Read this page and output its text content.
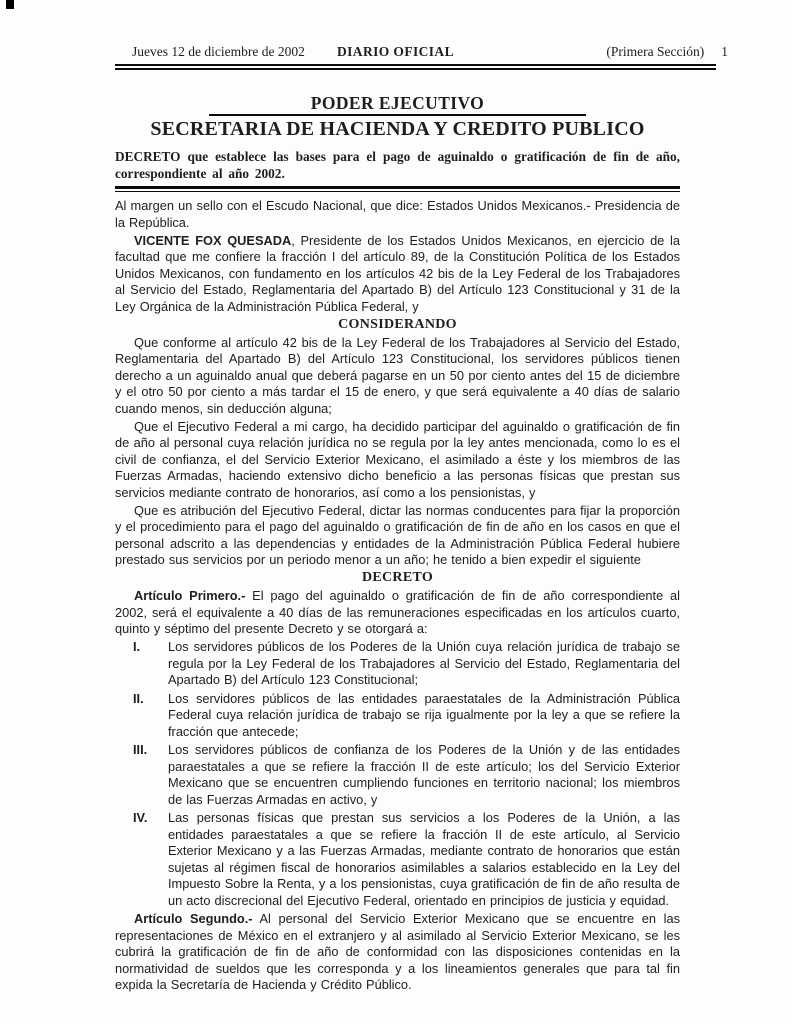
Jueves 12 de diciembre de 2002	DIARIO OFICIAL	(Primera Sección) 1
PODER EJECUTIVO
SECRETARIA DE HACIENDA Y CREDITO PUBLICO

DECRETO que establece las bases para el pago de aguinaldo o gratificación de fin de año, correspondiente al año 2002.

Al margen un sello con el Escudo Nacional, que dice: Estados Unidos Mexicanos.- Presidencia de la República.

VICENTE FOX QUESADA, Presidente de los Estados Unidos Mexicanos, en ejercicio de la facultad que me confiere la fracción I del artículo 89, de la Constitución Política de los Estados Unidos Mexicanos, con fundamento en los artículos 42 bis de la Ley Federal de los Trabajadores al Servicio del Estado, Reglamentaria del Apartado B) del Artículo 123 Constitucional y 31 de la Ley Orgánica de la Administración Pública Federal, y

CONSIDERANDO

Que conforme al artículo 42 bis de la Ley Federal de los Trabajadores al Servicio del Estado, Reglamentaria del Apartado B) del Artículo 123 Constitucional, los servidores públicos tienen derecho a un aguinaldo anual que deberá pagarse en un 50 por ciento antes del 15 de diciembre y el otro 50 por ciento a más tardar el 15 de enero, y que será equivalente a 40 días de salario cuando menos, sin deducción alguna;

Que el Ejecutivo Federal a mi cargo, ha decidido participar del aguinaldo o gratificación de fin de año al personal cuya relación jurídica no se regula por la ley antes mencionada, como lo es el civil de confianza, el del Servicio Exterior Mexicano, el asimilado a éste y los miembros de las Fuerzas Armadas, haciendo extensivo dicho beneficio a las personas físicas que prestan sus servicios mediante contrato de honorarios, así como a los pensionistas, y

Que es atribución del Ejecutivo Federal, dictar las normas conducentes para fijar la proporción y el procedimiento para el pago del aguinaldo o gratificación de fin de año en los casos en que el personal adscrito a las dependencias y entidades de la Administración Pública Federal hubiere prestado sus servicios por un periodo menor a un año; he tenido a bien expedir el siguiente

DECRETO

Artículo Primero.- El pago del aguinaldo o gratificación de fin de año correspondiente al 2002, será el equivalente a 40 días de las remuneraciones especificadas en los artículos cuarto, quinto y séptimo del presente Decreto y se otorgará a:

I. Los servidores públicos de los Poderes de la Unión cuya relación jurídica de trabajo se regula por la Ley Federal de los Trabajadores al Servicio del Estado, Reglamentaria del Apartado B) del Artículo 123 Constitucional;
II. Los servidores públicos de las entidades paraestatales de la Administración Pública Federal cuya relación jurídica de trabajo se rija igualmente por la ley a que se refiere la fracción que antecede;
III. Los servidores públicos de confianza de los Poderes de la Unión y de las entidades paraestatales a que se refiere la fracción II de este artículo; los del Servicio Exterior Mexicano que se encuentren cumpliendo funciones en territorio nacional; los miembros de las Fuerzas Armadas en activo, y
IV. Las personas físicas que prestan sus servicios a los Poderes de la Unión, a las entidades paraestatales a que se refiere la fracción II de este artículo, al Servicio Exterior Mexicano y a las Fuerzas Armadas, mediante contrato de honorarios que están sujetas al régimen fiscal de honorarios asimilables a salarios establecido en la Ley del Impuesto Sobre la Renta, y a los pensionistas, cuya gratificación de fin de año resulta de un acto discrecional del Ejecutivo Federal, orientado en principios de justicia y equidad.

Artículo Segundo.- Al personal del Servicio Exterior Mexicano que se encuentre en las representaciones de México en el extranjero y al asimilado al Servicio Exterior Mexicano, se les cubrirá la gratificación de fin de año de conformidad con las disposiciones contenidas en la normatividad de sueldos que les corresponda y a los lineamientos generales que para tal fin expida la Secretaría de Hacienda y Crédito Público.
